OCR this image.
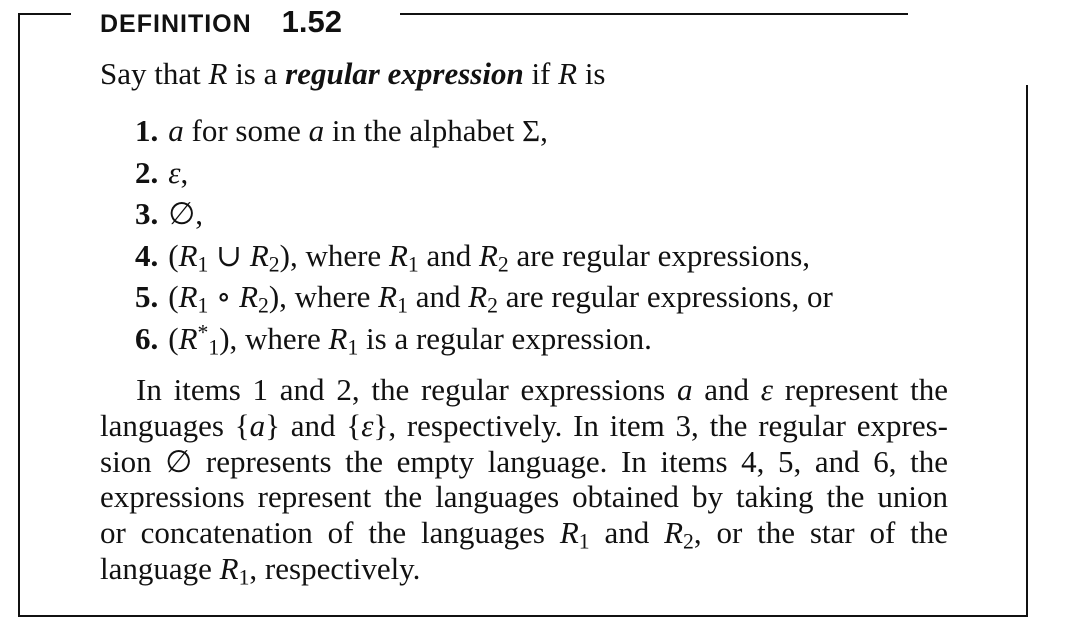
DEFINITION 1.52
Say that R is a regular expression if R is
1. a for some a in the alphabet Σ,
2. ε,
3. ∅,
4. ($R_1$ ∪ $R_2$), where $R_1$ and $R_2$ are regular expressions,
5. ($R_1$ ∘ $R_2$), where $R_1$ and $R_2$ are regular expressions, or
6. $(R^*_1)$, where $R_1$ is a regular expression.
In items 1 and 2, the regular expressions a and ε represent the
languages {a} and {ε}, respectively. In item 3, the regular expres-
sion ∅ represents the empty language. In items 4, 5, and 6, the
expressions represent the languages obtained by taking the union
or concatenation of the languages $R_1$ and $R_2$, or the star of the
language $R_1$, respectively.
